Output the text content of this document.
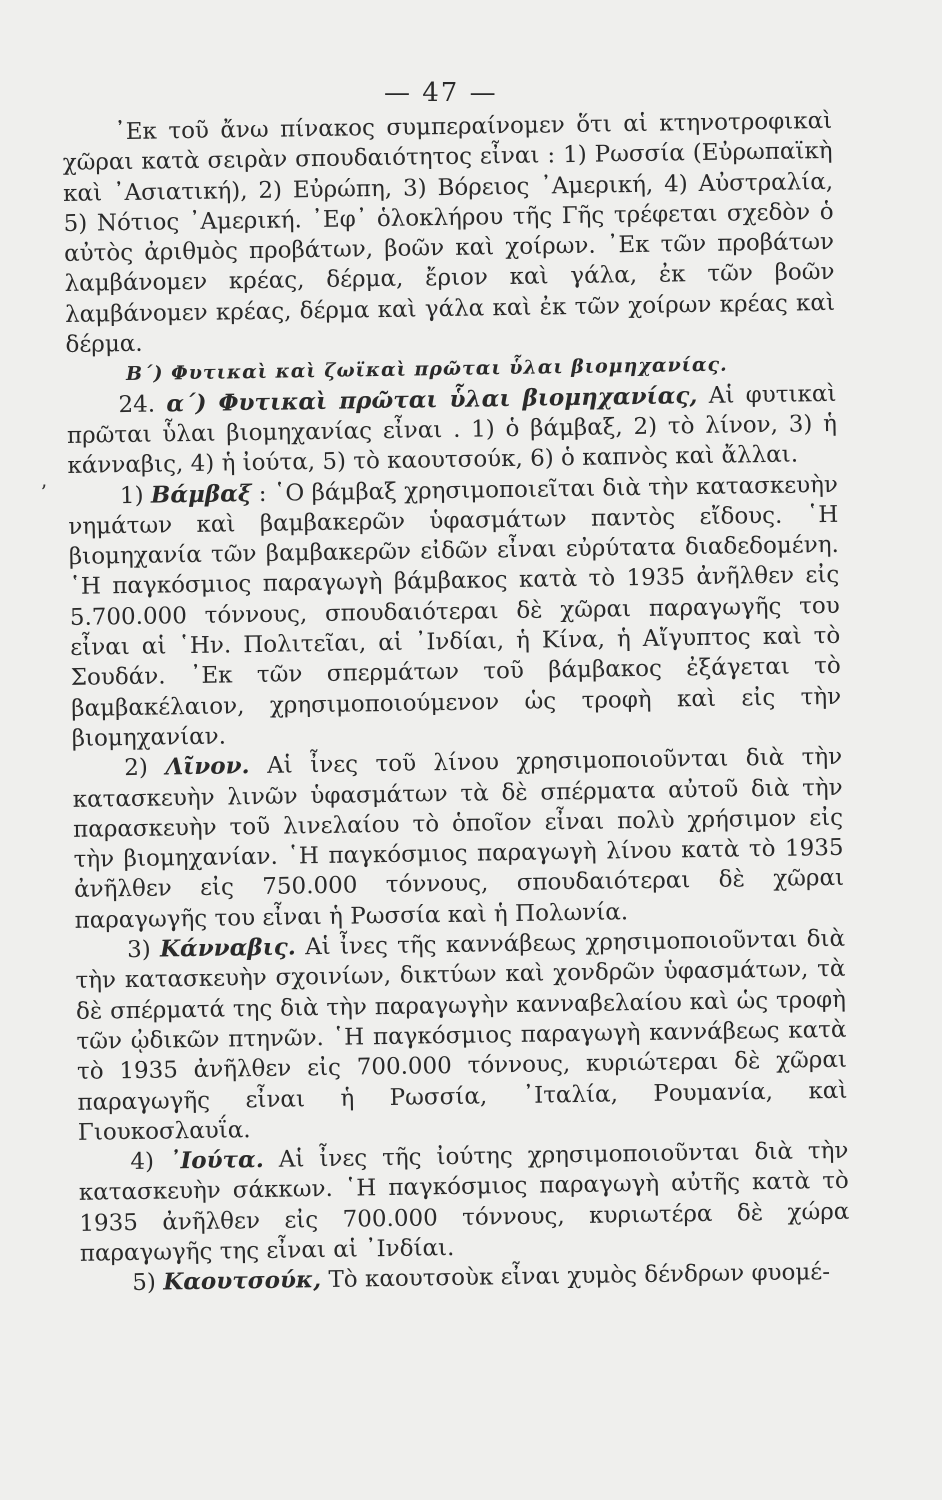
— 47 —
ʼ

᾿Εκ τοῦ ἄνω πίνακος συμπεραίνομεν ὅτι αἱ κτηνοτροφικαὶ χῶραι κατὰ σειρὰν σπουδαιότητος εἶναι : 1) Ρωσσία (Εὐρωπαϊκὴ καὶ ᾿Ασιατική), 2) Εὐρώπη, 3) Βόρειος ᾿Αμερική, 4) Αὐστραλία, 5) Νότιος ᾿Αμερική. ᾿Εφ᾿ ὁλοκλήρου τῆς Γῆς τρέφεται σχεδὸν ὁ αὐτὸς ἀριθμὸς προβάτων, βοῶν καὶ χοίρων. ᾿Εκ τῶν προβάτων λαμβάνομεν κρέας, δέρμα, ἔριον καὶ γάλα, ἐκ τῶν βοῶν λαμβάνομεν κρέας, δέρμα καὶ γάλα καὶ ἐκ τῶν χοίρων κρέας καὶ δέρμα.

Β΄) Φυτικαὶ καὶ ζωϊκαὶ πρῶται ὗλαι βιομηχανίας.

24. α΄) Φυτικαὶ πρῶται ὗλαι βιομηχανίας, Αἱ φυτικαὶ πρῶται ὗλαι βιομηχανίας εἶναι . 1) ὁ βάμβαξ, 2) τὸ λίνον, 3) ἡ κάνναβις, 4) ἡ ἰούτα, 5) τὸ καουτσούκ, 6) ὁ καπνὸς καὶ ἄλλαι.

1) Βάμβαξ : ῾Ο βάμβαξ χρησιμοποιεῖται διὰ τὴν κατασκευὴν νημάτων καὶ βαμβακερῶν ὑφασμάτων παντὸς εἴδους. ῾Η βιομηχανία τῶν βαμβακερῶν εἰδῶν εἶναι εὐρύτατα διαδεδομένη. ῾Η παγκόσμιος παραγωγὴ βάμβακος κατὰ τὸ 1935 ἀνῆλθεν εἰς 5.700.000 τόννους, σπουδαιότεραι δὲ χῶραι παραγωγῆς του εἶναι αἱ ῾Ην. Πολιτεῖαι, αἱ ᾿Ινδίαι, ἡ Κίνα, ἡ Αἴγυπτος καὶ τὸ Σουδάν. ᾿Εκ τῶν σπερμάτων τοῦ βάμβακος ἐξάγεται τὸ βαμβακέλαιον, χρησιμοποιούμενον ὡς τροφὴ καὶ εἰς τὴν βιομηχανίαν.

2) Λῖνον. Αἱ ἶνες τοῦ λίνου χρησιμοποιοῦνται διὰ τὴν κατασκευὴν λινῶν ὑφασμάτων τὰ δὲ σπέρματα αὐτοῦ διὰ τὴν παρασκευὴν τοῦ λινελαίου τὸ ὁποῖον εἶναι πολὺ χρήσιμον εἰς τὴν βιομηχανίαν. ῾Η παγκόσμιος παραγωγὴ λίνου κατὰ τὸ 1935 ἀνῆλθεν εἰς 750.000 τόννους, σπουδαιότεραι δὲ χῶραι παραγωγῆς του εἶναι ἡ Ρωσσία καὶ ἡ Πολωνία.

3) Κάνναβις. Αἱ ἶνες τῆς καννάβεως χρησιμοποιοῦνται διὰ τὴν κατασκευὴν σχοινίων, δικτύων καὶ χονδρῶν ὑφασμάτων, τὰ δὲ σπέρματά της διὰ τὴν παραγωγὴν κανναβελαίου καὶ ὡς τροφὴ τῶν ᾠδικῶν πτηνῶν. ῾Η παγκόσμιος παραγωγὴ καννάβεως κατὰ τὸ 1935 ἀνῆλθεν εἰς 700.000 τόννους, κυριώτεραι δὲ χῶραι παραγωγῆς εἶναι ἡ Ρωσσία, ᾿Ιταλία, Ρουμανία, καὶ Γιουκοσλαυΐα.

4) ᾿Ιούτα. Αἱ ἶνες τῆς ἰούτης χρησιμοποιοῦνται διὰ τὴν κατασκευὴν σάκκων. ῾Η παγκόσμιος παραγωγὴ αὐτῆς κατὰ τὸ 1935 ἀνῆλθεν εἰς 700.000 τόννους, κυριωτέρα δὲ χώρα παραγωγῆς της εἶναι αἱ ᾿Ινδίαι.

5) Καουτσούκ, Τὸ καουτσοὺκ εἶναι χυμὸς δένδρων φυομέ-
